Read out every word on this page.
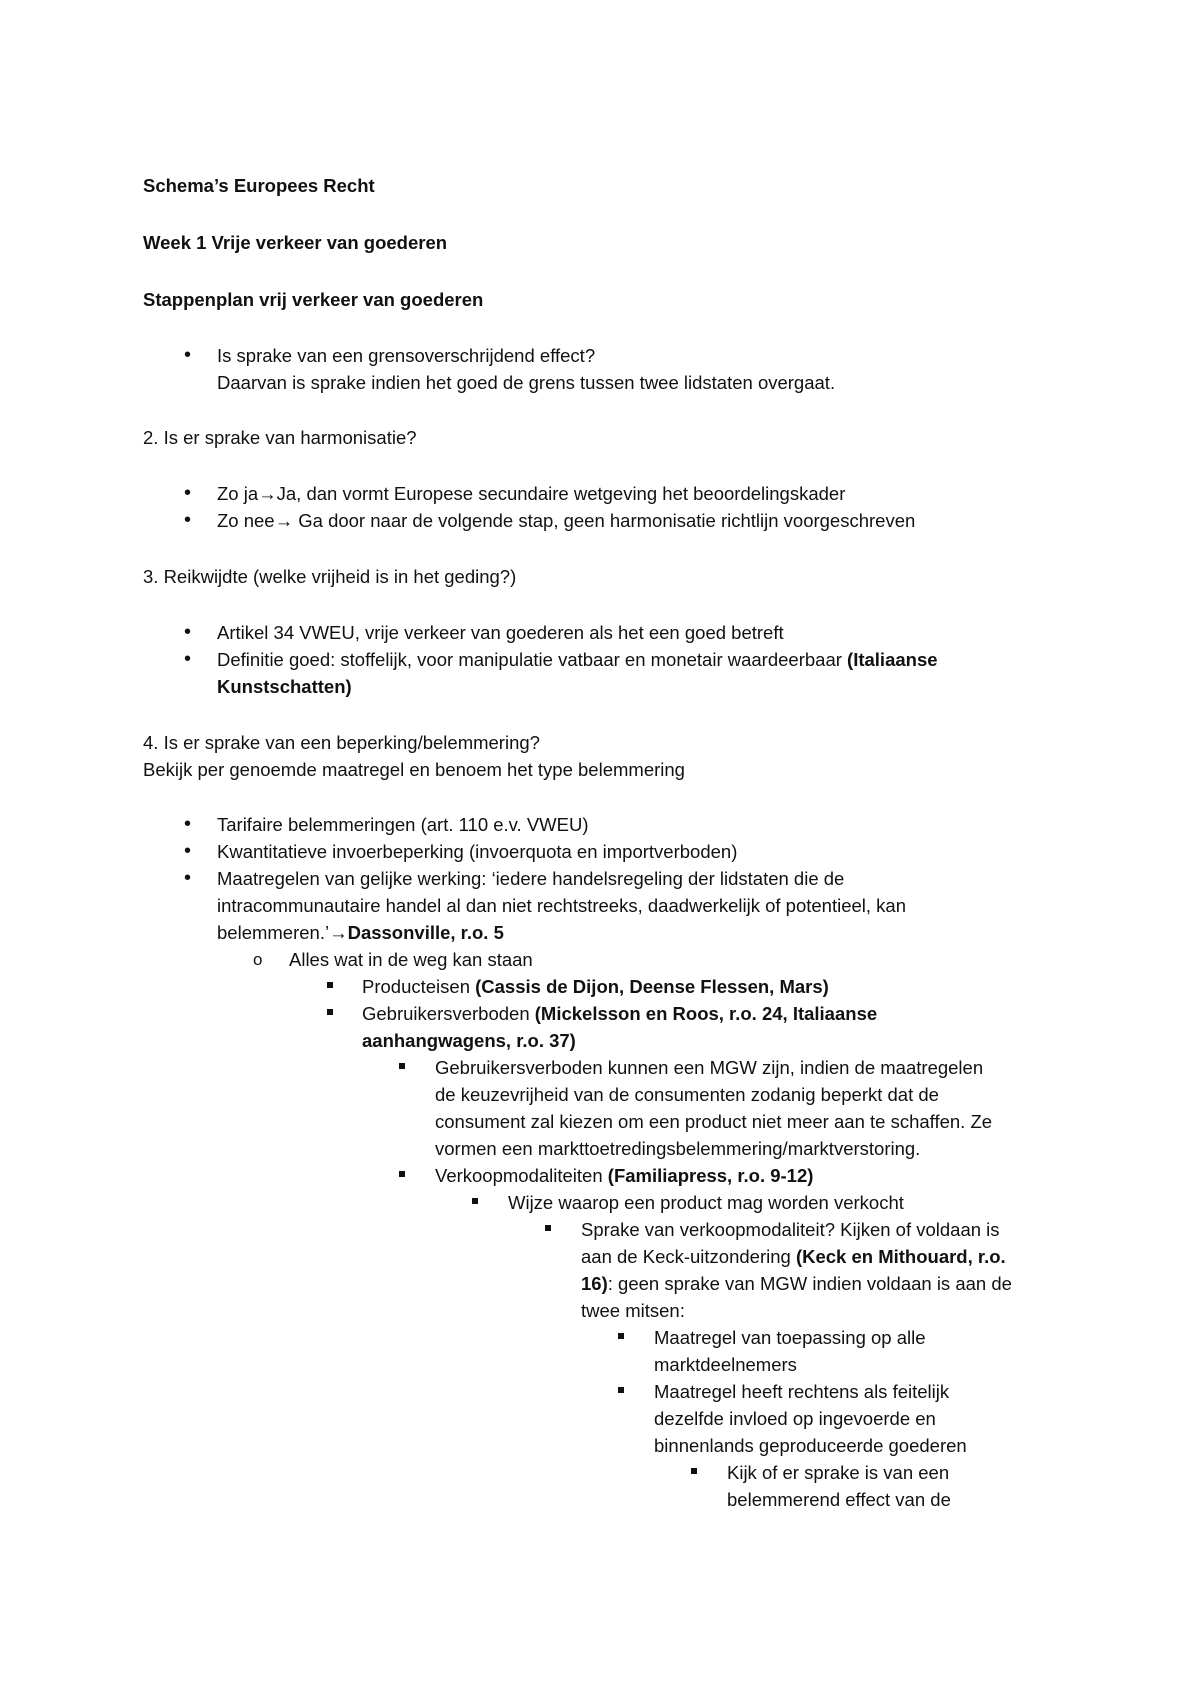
Schema’s Europees Recht
Week 1 Vrije verkeer van goederen
Stappenplan vrij verkeer van goederen
• Is sprake van een grensoverschrijdend effect?
Daarvan is sprake indien het goed de grens tussen twee lidstaten overgaat.
2. Is er sprake van harmonisatie?
• Zo ja→Ja, dan vormt Europese secundaire wetgeving het beoordelingskader
• Zo nee→ Ga door naar de volgende stap, geen harmonisatie richtlijn voorgeschreven
3. Reikwijdte (welke vrijheid is in het geding?)
• Artikel 34 VWEU, vrije verkeer van goederen als het een goed betreft
• Definitie goed: stoffelijk, voor manipulatie vatbaar en monetair waardeerbaar (Italiaanse
Kunstschatten)
4. Is er sprake van een beperking/belemmering?
Bekijk per genoemde maatregel en benoem het type belemmering
• Tarifaire belemmeringen (art. 110 e.v. VWEU)
• Kwantitatieve invoerbeperking (invoerquota en importverboden)
• Maatregelen van gelijke werking: ‘iedere handelsregeling der lidstaten die de
intracommunautaire handel al dan niet rechtstreeks, daadwerkelijk of potentieel, kan
belemmeren.’→Dassonville, r.o. 5
o Alles wat in de weg kan staan
Producteisen (Cassis de Dijon, Deense Flessen, Mars)
Gebruikersverboden (Mickelsson en Roos, r.o. 24, Italiaanse
aanhangwagens, r.o. 37)
Gebruikersverboden kunnen een MGW zijn, indien de maatregelen
de keuzevrijheid van de consumenten zodanig beperkt dat de
consument zal kiezen om een product niet meer aan te schaffen. Ze
vormen een markttoetredingsbelemmering/marktverstoring.
Verkoopmodaliteiten (Familiapress, r.o. 9-12)
Wijze waarop een product mag worden verkocht
Sprake van verkoopmodaliteit? Kijken of voldaan is
aan de Keck-uitzondering (Keck en Mithouard, r.o.
16): geen sprake van MGW indien voldaan is aan de
twee mitsen:
Maatregel van toepassing op alle
marktdeelnemers
Maatregel heeft rechtens als feitelijk
dezelfde invloed op ingevoerde en
binnenlands geproduceerde goederen
Kijk of er sprake is van een
belemmerend effect van de
